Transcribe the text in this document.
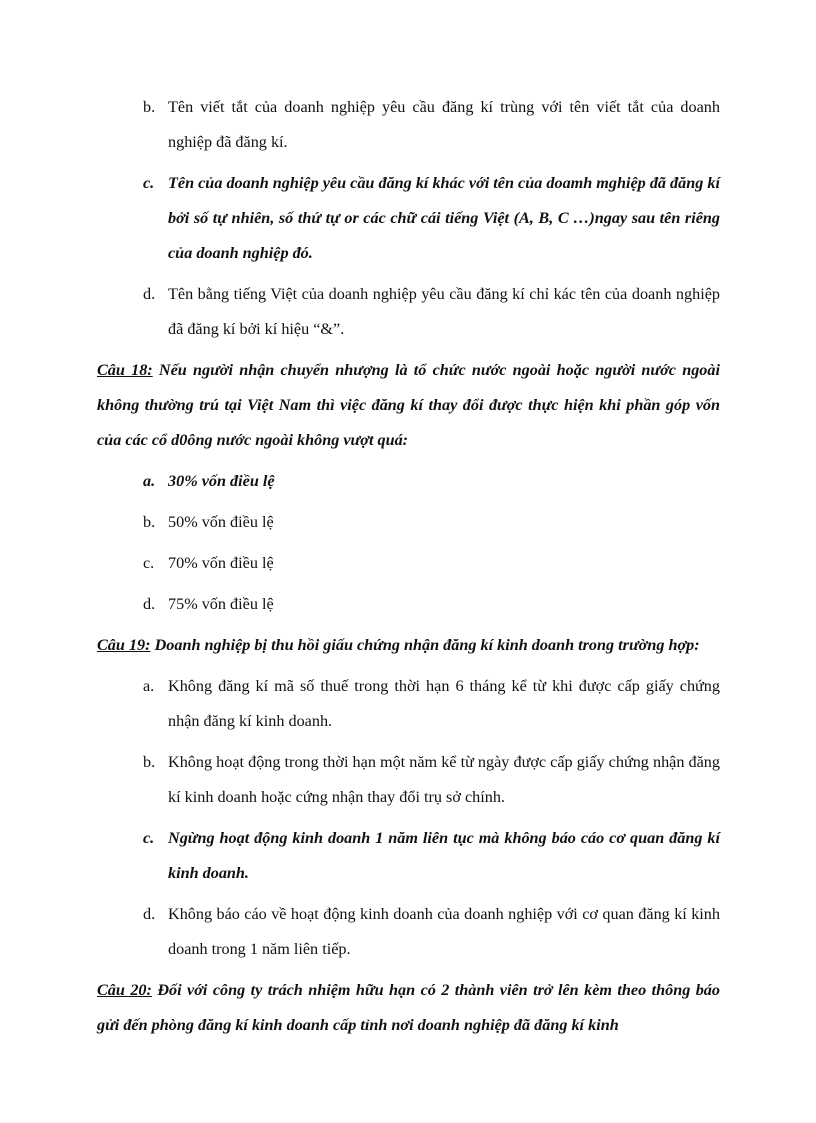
b. Tên viết tắt của doanh nghiệp yêu cầu đăng kí trùng với tên viết tắt của doanh nghiệp đã đăng kí.
c. Tên của doanh nghiệp yêu cầu đăng kí khác với tên của doamh mghiệp đã đăng kí bởi số tự nhiên, số thứ tự or các chữ cái tiếng Việt (A, B, C …)ngay sau tên riêng của doanh nghiệp đó.
d. Tên bằng tiếng Việt của doanh nghiệp yêu cầu đăng kí chỉ kác tên của doanh nghiệp đã đăng kí bởi kí hiệu “&”.
Câu 18: Nếu người nhận chuyển nhượng là tổ chức nước ngoài hoặc người nước ngoài không thường trú tại Việt Nam thì việc đăng kí thay đổi được thực hiện khi phần góp vốn của các cổ d0ông nước ngoài không vượt quá:
a. 30% vốn điều lệ
b. 50% vốn điều lệ
c. 70% vốn điều lệ
d. 75% vốn điều lệ
Câu 19: Doanh nghiệp bị thu hồi giấu chứng nhận đăng kí kinh doanh trong trường hợp:
a. Không đăng kí mã số thuế trong thời hạn 6 tháng kể từ khi được cấp giấy chứng nhận đăng kí kinh doanh.
b. Không hoạt động trong thời hạn một năm kể từ ngày được cấp giấy chứng nhận đăng kí kinh doanh hoặc cứng nhận thay đổi trụ sở chính.
c. Ngừng hoạt động kinh doanh 1 năm liên tục mà không báo cáo cơ quan đăng kí kinh doanh.
d. Không báo cáo về hoạt động kinh doanh của doanh nghiệp với cơ quan đăng kí kinh doanh trong 1 năm liên tiếp.
Câu 20: Đối với công ty trách nhiệm hữu hạn có 2 thành viên trở lên kèm theo thông báo gửi đến phòng đăng kí kinh doanh cấp tỉnh nơi doanh nghiệp đã đăng kí kinh
